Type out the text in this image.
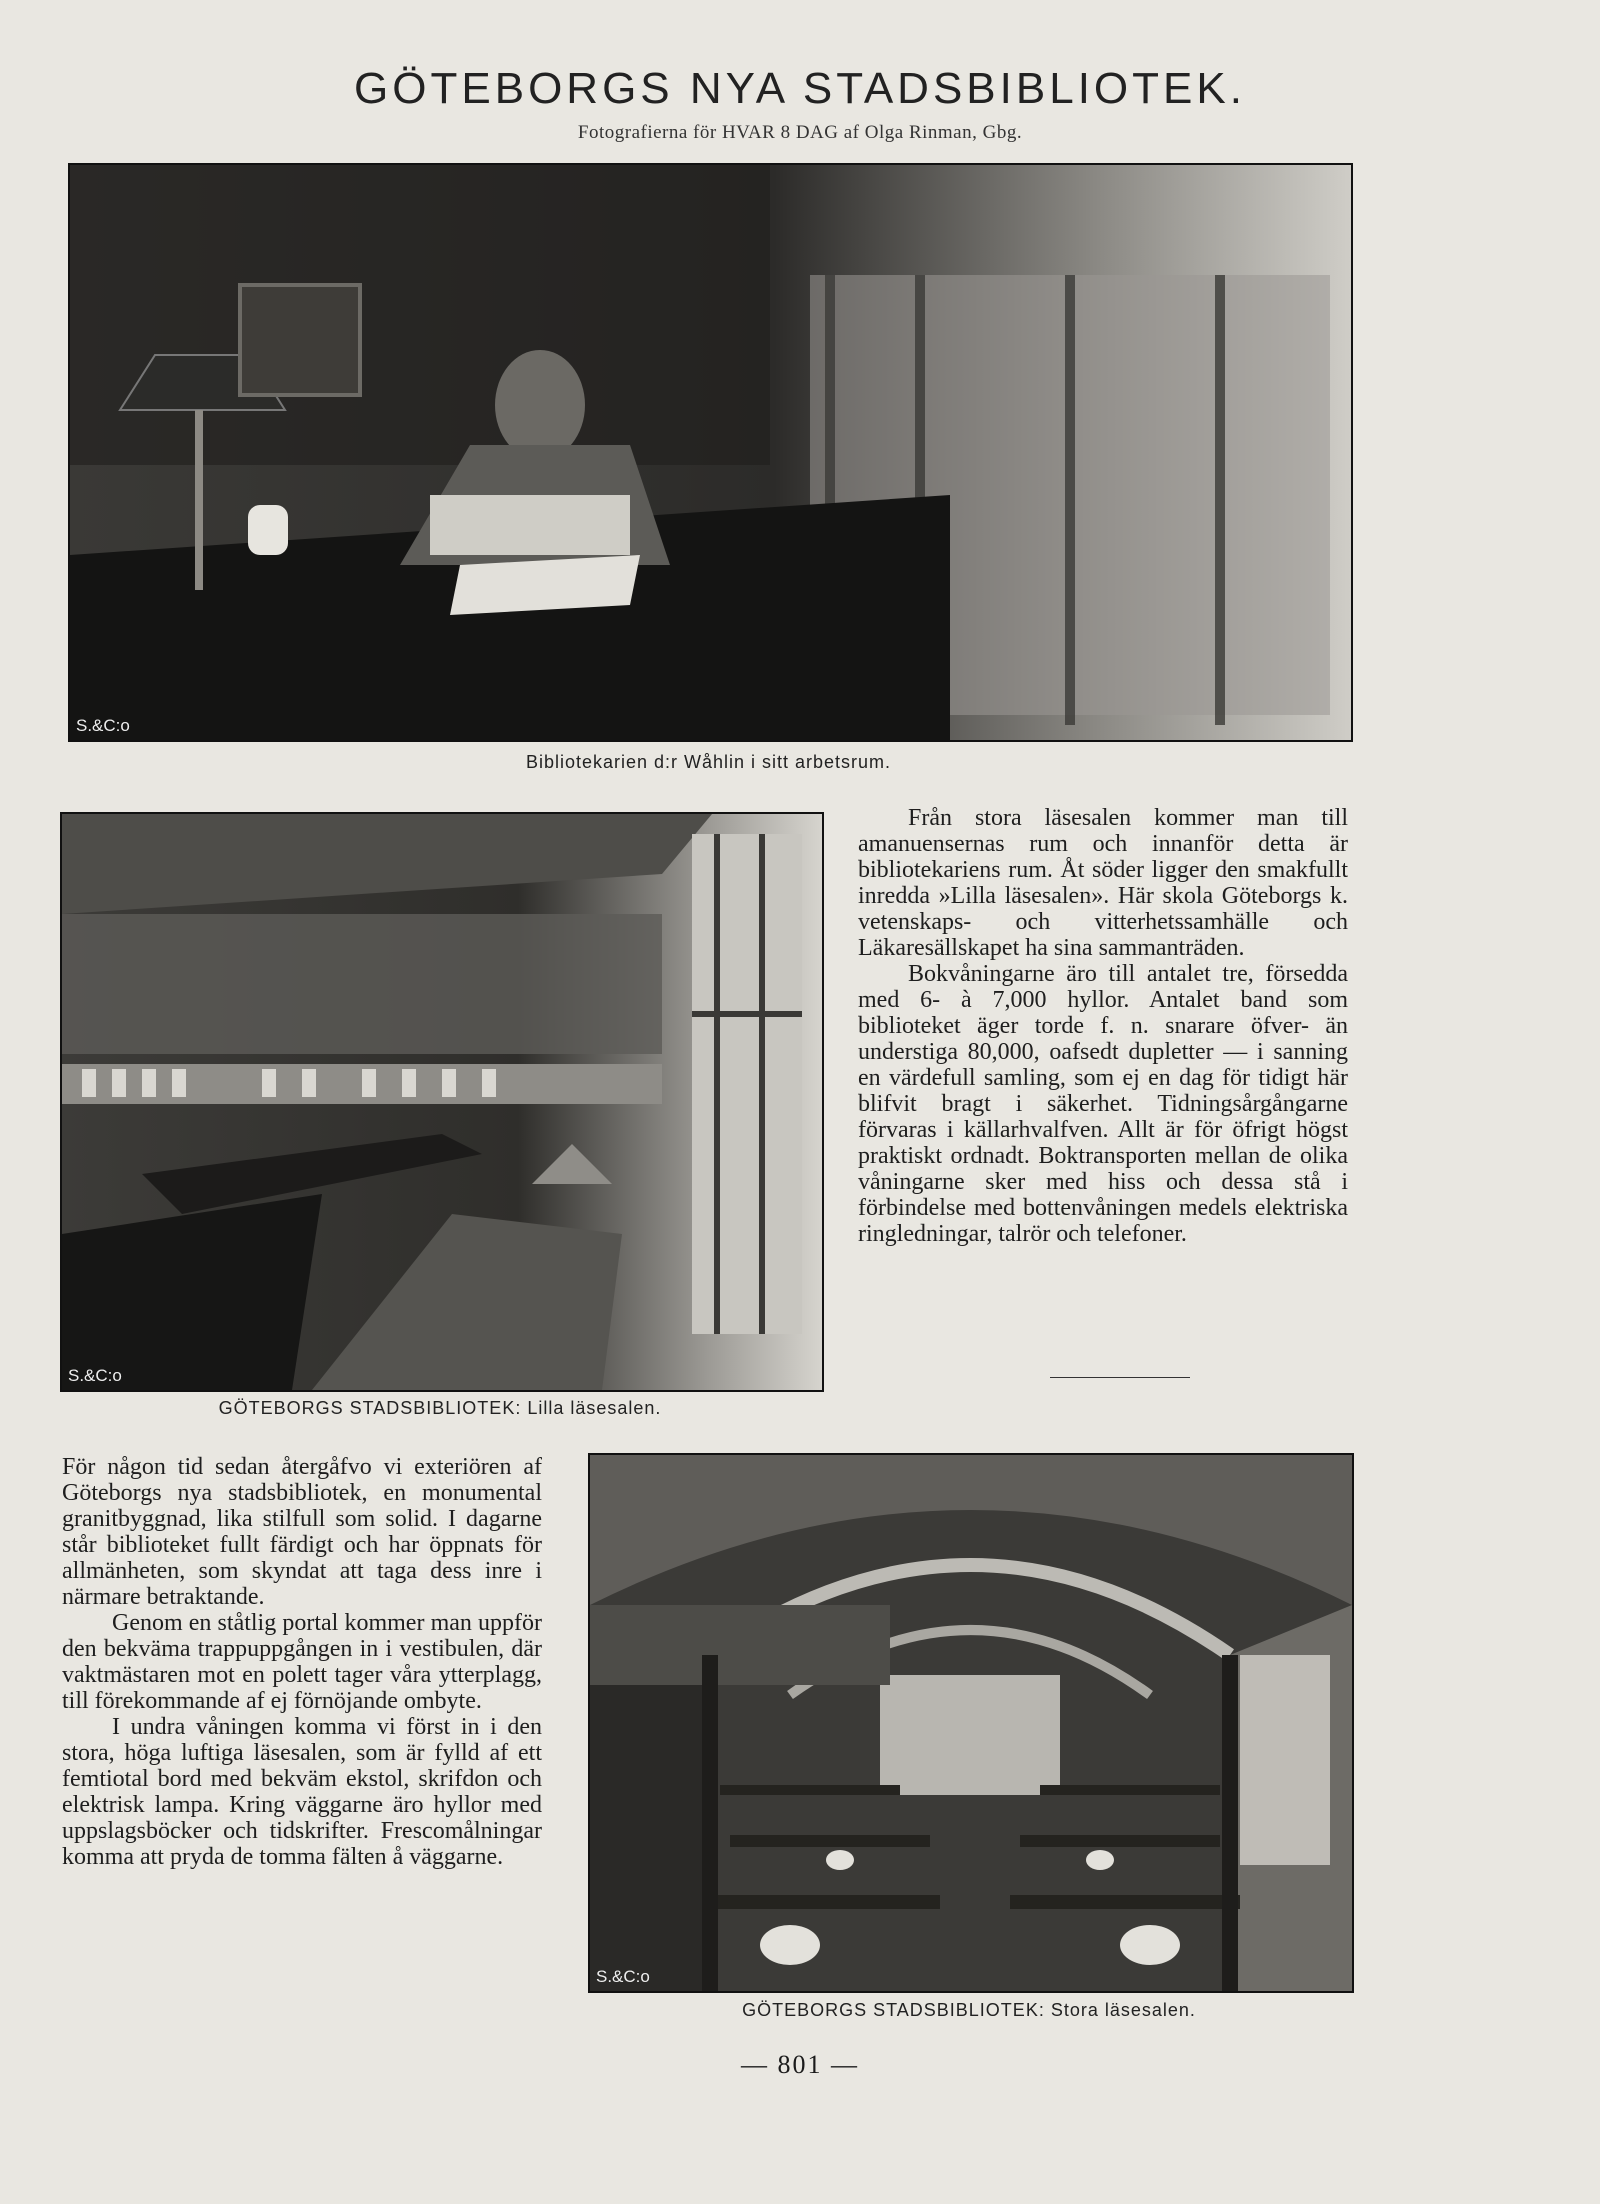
GÖTEBORGS NYA STADSBIBLIOTEK.
Fotografierna för HVAR 8 DAG af Olga Rinman, Gbg.
S.&C:o
Bibliotekarien d:r Wåhlin i sitt arbetsrum.
S.&C:o
GÖTEBORGS STADSBIBLIOTEK: Lilla läsesalen.

Från stora läsesalen kommer man till amanuensernas rum och innanför detta är bibliotekariens rum. Åt söder ligger den smakfullt inredda »Lilla läsesalen». Här skola Göteborgs k. vetenskaps- och vitterhetssamhälle och Läkaresällskapet ha sina sammanträden.

Bokvåningarne äro till antalet tre, försedda med 6- à 7,000 hyllor. Antalet band som biblioteket äger torde f. n. snarare öfver- än understiga 80,000, oafsedt dupletter — i sanning en värdefull samling, som ej en dag för tidigt här blifvit bragt i säkerhet. Tidningsårgångarne förvaras i källarhvalfven. Allt är för öfrigt högst praktiskt ordnadt. Boktransporten mellan de olika våningarne sker med hiss och dessa stå i förbindelse med bottenvåningen medels elektriska ringledningar, talrör och telefoner.

För någon tid sedan återgåfvo vi exteriören af Göteborgs nya stadsbibliotek, en monumental granitbyggnad, lika stilfull som solid. I dagarne står biblioteket fullt färdigt och har öppnats för allmänheten, som skyndat att taga dess inre i närmare betraktande.

Genom en ståtlig portal kommer man uppför den bekväma trappuppgången in i vestibulen, där vaktmästaren mot en polett tager våra ytterplagg, till förekommande af ej förnöjande ombyte.

I undra våningen komma vi först in i den stora, höga luftiga läsesalen, som är fylld af ett femtiotal bord med bekväm ekstol, skrifdon och elektrisk lampa. Kring väggarne äro hyllor med uppslagsböcker och tidskrifter. Frescomålningar komma att pryda de tomma fälten å väggarne.

S.&C:o
GÖTEBORGS STADSBIBLIOTEK: Stora läsesalen.
— 801 —
